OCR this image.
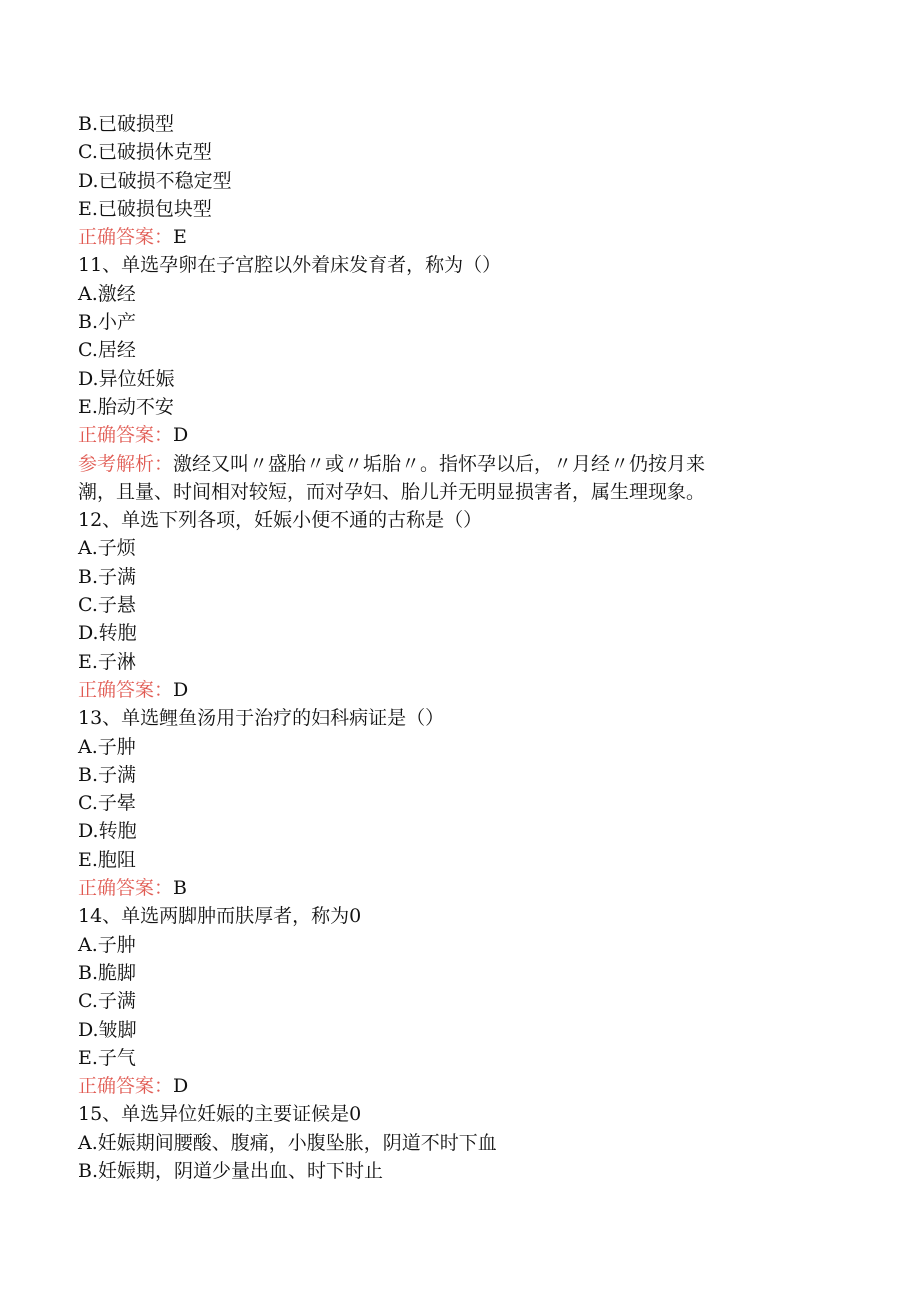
B.已破损型
C.已破损休克型
D.已破损不稳定型
E.已破损包块型
正确答案：E
11、单选孕卵在子宫腔以外着床发育者，称为（）
A.激经
B.小产
C.居经
D.异位妊娠
E.胎动不安
正确答案：D
参考解析：激经又叫〃盛胎〃或〃垢胎〃。指怀孕以后，〃月经〃仍按月来
潮，且量、时间相对较短，而对孕妇、胎儿并无明显损害者，属生理现象。
12、单选下列各项，妊娠小便不通的古称是（）
A.子烦
B.子满
C.子悬
D.转胞
E.子淋
正确答案：D
13、单选鲤鱼汤用于治疗的妇科病证是（）
A.子肿
B.子满
C.子晕
D.转胞
E.胞阻
正确答案：B
14、单选两脚肿而肤厚者，称为0
A.子肿
B.脆脚
C.子满
D.皱脚
E.子气
正确答案：D
15、单选异位妊娠的主要证候是0
A.妊娠期间腰酸、腹痛，小腹坠胀，阴道不时下血
B.妊娠期，阴道少量出血、时下时止
